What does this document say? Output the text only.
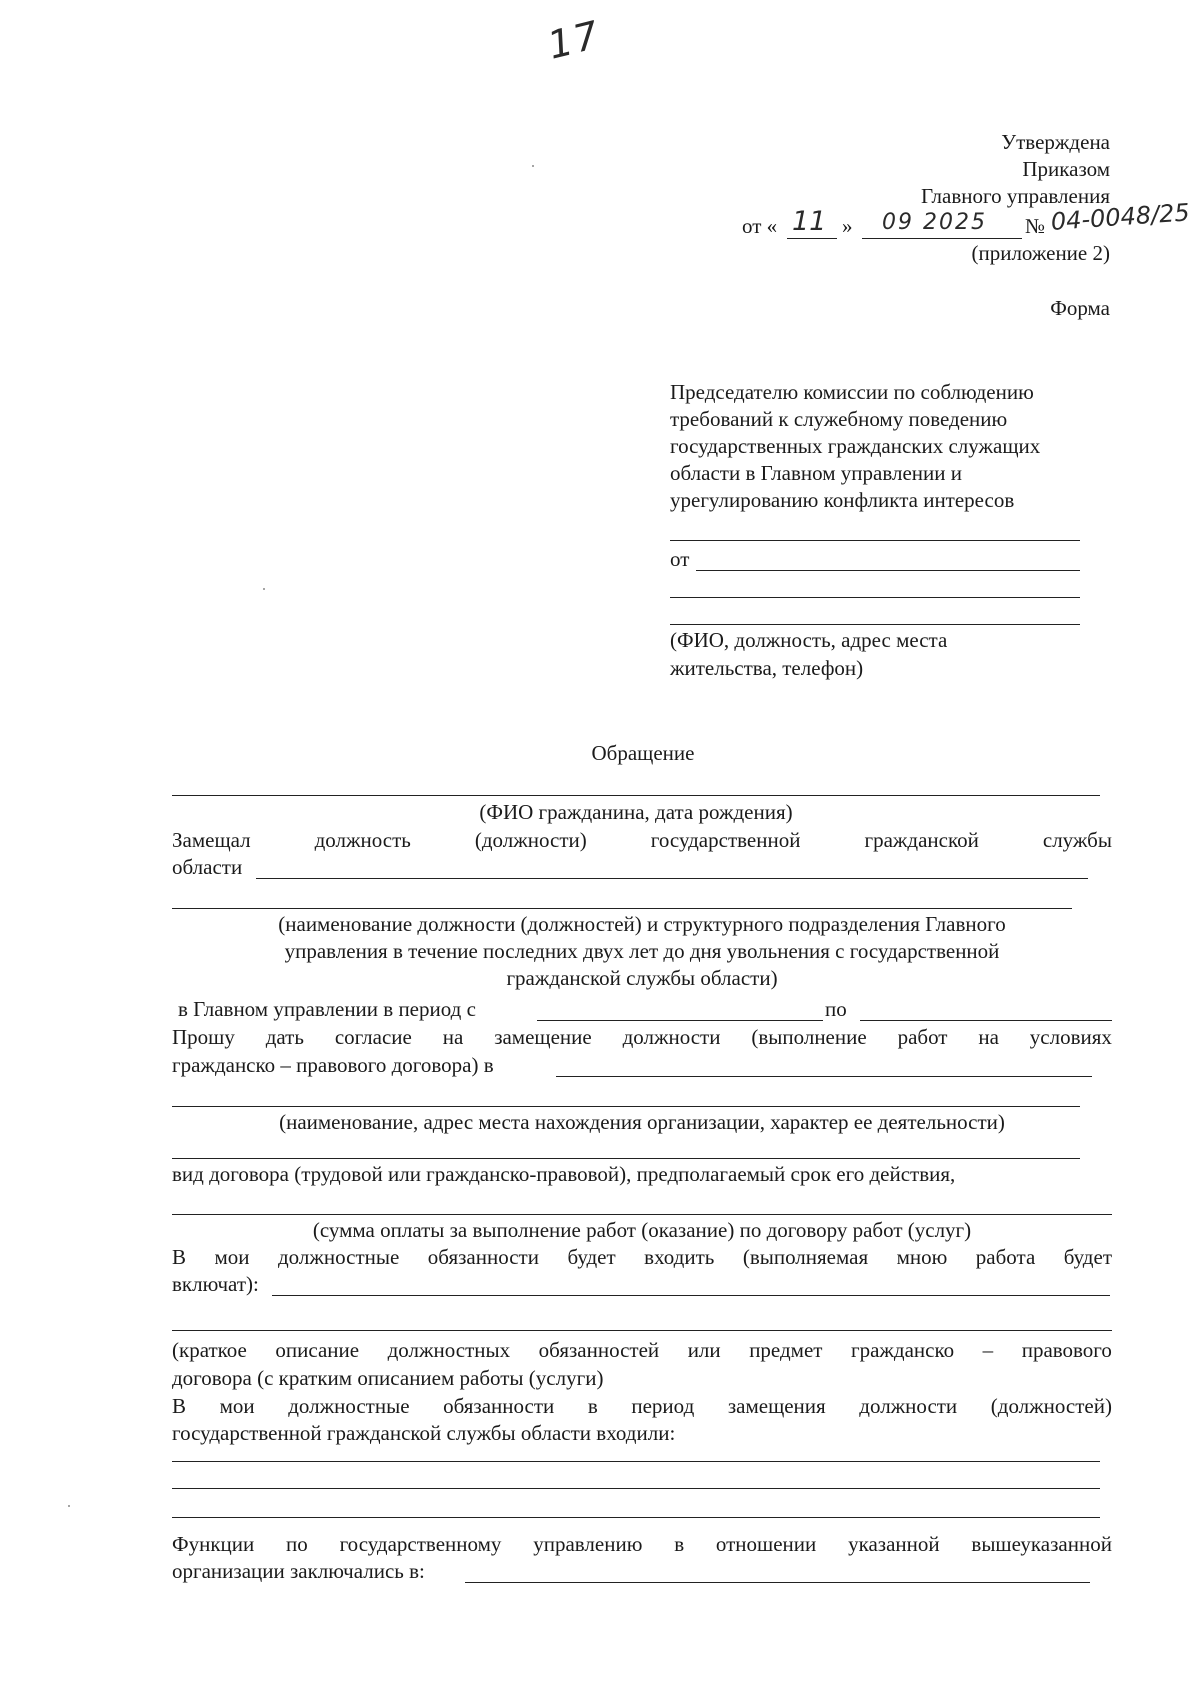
17
Утверждена
Приказом
Главного управления
от « 11 » 09 2025 № 04-0048/25
(приложение 2)
Форма
Председателю комиссии по соблюдению
требований к служебному поведению
государственных гражданских служащих
области в Главном управлении и
урегулированию конфликта интересов
от
(ФИО, должность, адрес места
жительства, телефон)
Обращение
(ФИО гражданина, дата рождения)
Замещал	должность	(должности)	государственной	гражданской	службы
области
(наименование должности (должностей) и структурного подразделения Главного
управления в течение последних двух лет до дня увольнения с государственной
гражданской службы области)
в Главном управлении в период с	по
Прошу дать согласие на замещение должности (выполнение работ на условиях
гражданско – правового договора) в
(наименование, адрес места нахождения организации, характер ее деятельности)
вид договора (трудовой или гражданско-правовой), предполагаемый срок его действия,
(сумма оплаты за выполнение работ (оказание) по договору работ (услуг)
В мои должностные обязанности будет входить (выполняемая мною работа будет
включат):
(краткое описание должностных обязанностей или предмет гражданско – правового
договора (с кратким описанием работы (услуги)
В мои должностные обязанности в период замещения должности (должностей)
государственной гражданской службы области входили:
Функции по государственному управлению в отношении указанной вышеуказанной
организации заключались в:
